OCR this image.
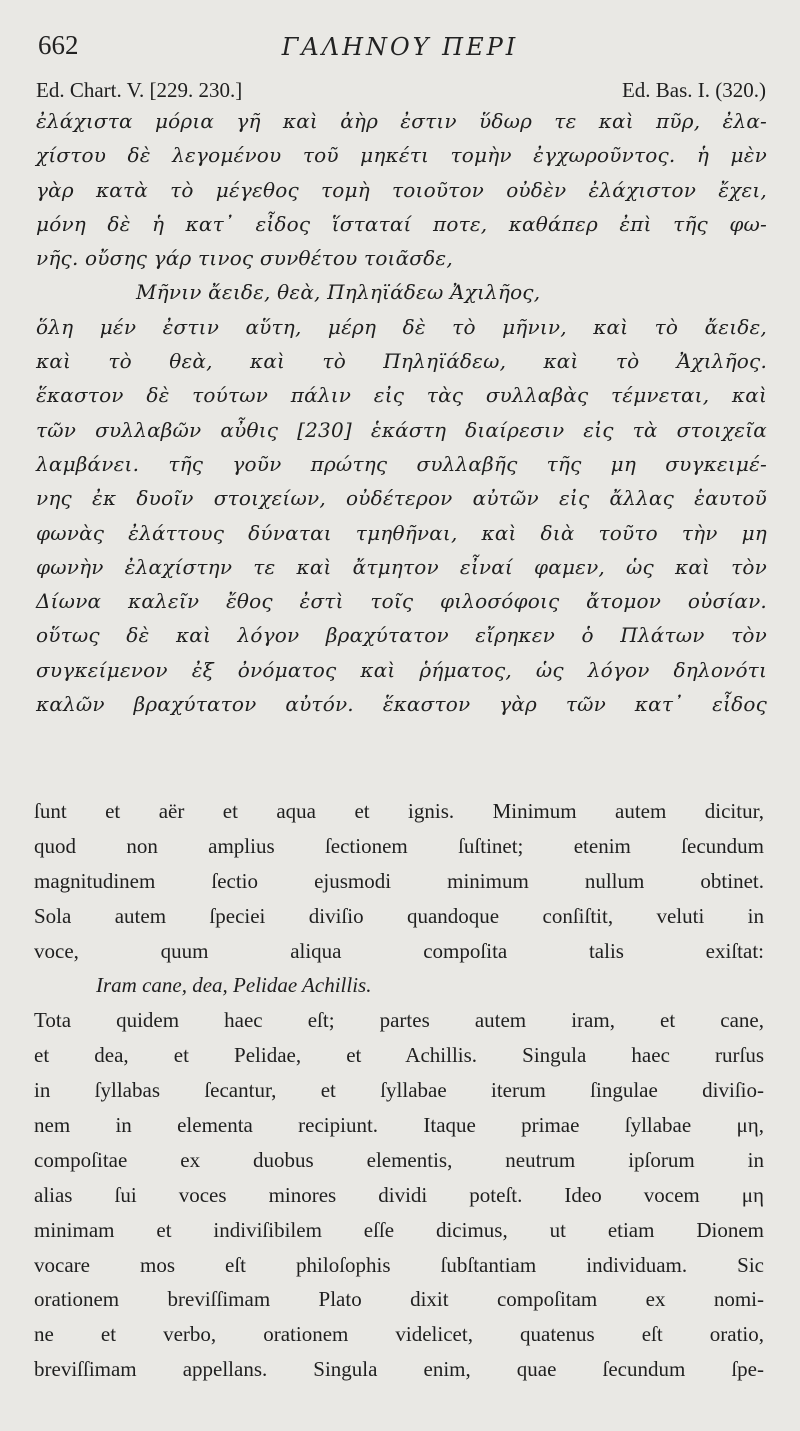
662	ΓΑΛΗΝΟΥ ΠΕΡΙ
Ed. Chart. V. [229. 230.]	Ed. Bas. I. (320.)
ἐλάχιστα μόρια γῆ καὶ ἀὴρ ἐστιν ὕδωρ τε καὶ πῦρ, ἐλα-
χίστου δὲ λεγομένου τοῦ μηκέτι τομὴν ἐγχωροῦντος. ἡ μὲν
γὰρ κατὰ τὸ μέγεθος τομὴ τοιοῦτον οὐδὲν ἐλάχιστον ἔχει,
μόνη δὲ ἡ κατ᾿ εἶδος ἵσταταί ποτε, καθάπερ ἐπὶ τῆς φω-
νῆς. οὔσης γάρ τινος συνθέτου τοιᾶσδε,
Μῆνιν ἄειδε, θεὰ, Πηληϊάδεω Ἀχιλῆος,
ὅλη μέν ἐστιν αὕτη, μέρη δὲ τὸ μῆνιν, καὶ τὸ ἄειδε,
καὶ τὸ θεὰ, καὶ τὸ Πηληϊάδεω, καὶ τὸ Ἀχιλῆος.
ἕκαστον δὲ τούτων πάλιν εἰς τὰς συλλαβὰς τέμνεται, καὶ
τῶν συλλαβῶν αὖθις [230] ἑκάστη διαίρεσιν εἰς τὰ στοιχεῖα
λαμβάνει. τῆς γοῦν πρώτης συλλαβῆς τῆς μη συγκειμέ-
νης ἐκ δυοῖν στοιχείων, οὐδέτερον αὐτῶν εἰς ἄλλας ἑαυτοῦ
φωνὰς ἐλάττους δύναται τμηθῆναι, καὶ διὰ τοῦτο τὴν μη
φωνὴν ἐλαχίστην τε καὶ ἄτμητον εἶναί φαμεν, ὡς καὶ τὸν
Δίωνα καλεῖν ἔθος ἐστὶ τοῖς φιλοσόφοις ἄτομον οὐσίαν.
οὕτως δὲ καὶ λόγον βραχύτατον εἴρηκεν ὁ Πλάτων τὸν
συγκείμενον ἐξ ὀνόματος καὶ ῥήματος, ὡς λόγον δηλονότι
καλῶν βραχύτατον αὐτόν. ἕκαστον γὰρ τῶν κατ᾿ εἶδος
ſunt et aër et aqua et ignis. Minimum autem dicitur,
quod non amplius ſectionem ſuſtinet; etenim ſecundum
magnitudinem ſectio ejusmodi minimum nullum obtinet.
Sola autem ſpeciei diviſio quandoque conſiſtit, veluti in
voce, quum aliqua compoſita talis exiſtat:
Iram cane, dea, Pelidae Achillis.
Tota quidem haec eſt; partes autem iram, et cane,
et dea, et Pelidae, et Achillis. Singula haec rurſus
in ſyllabas ſecantur, et ſyllabae iterum ſingulae diviſio-
nem in elementa recipiunt. Itaque primae ſyllabae μη,
compoſitae ex duobus elementis, neutrum ipſorum in
alias ſui voces minores dividi poteſt. Ideo vocem μη
minimam et indiviſibilem eſſe dicimus, ut etiam Dionem
vocare mos eſt philoſophis ſubſtantiam individuam. Sic
orationem breviſſimam Plato dixit compoſitam ex nomi-
ne et verbo, orationem videlicet, quatenus eſt oratio,
breviſſimam appellans. Singula enim, quae ſecundum ſpe-
